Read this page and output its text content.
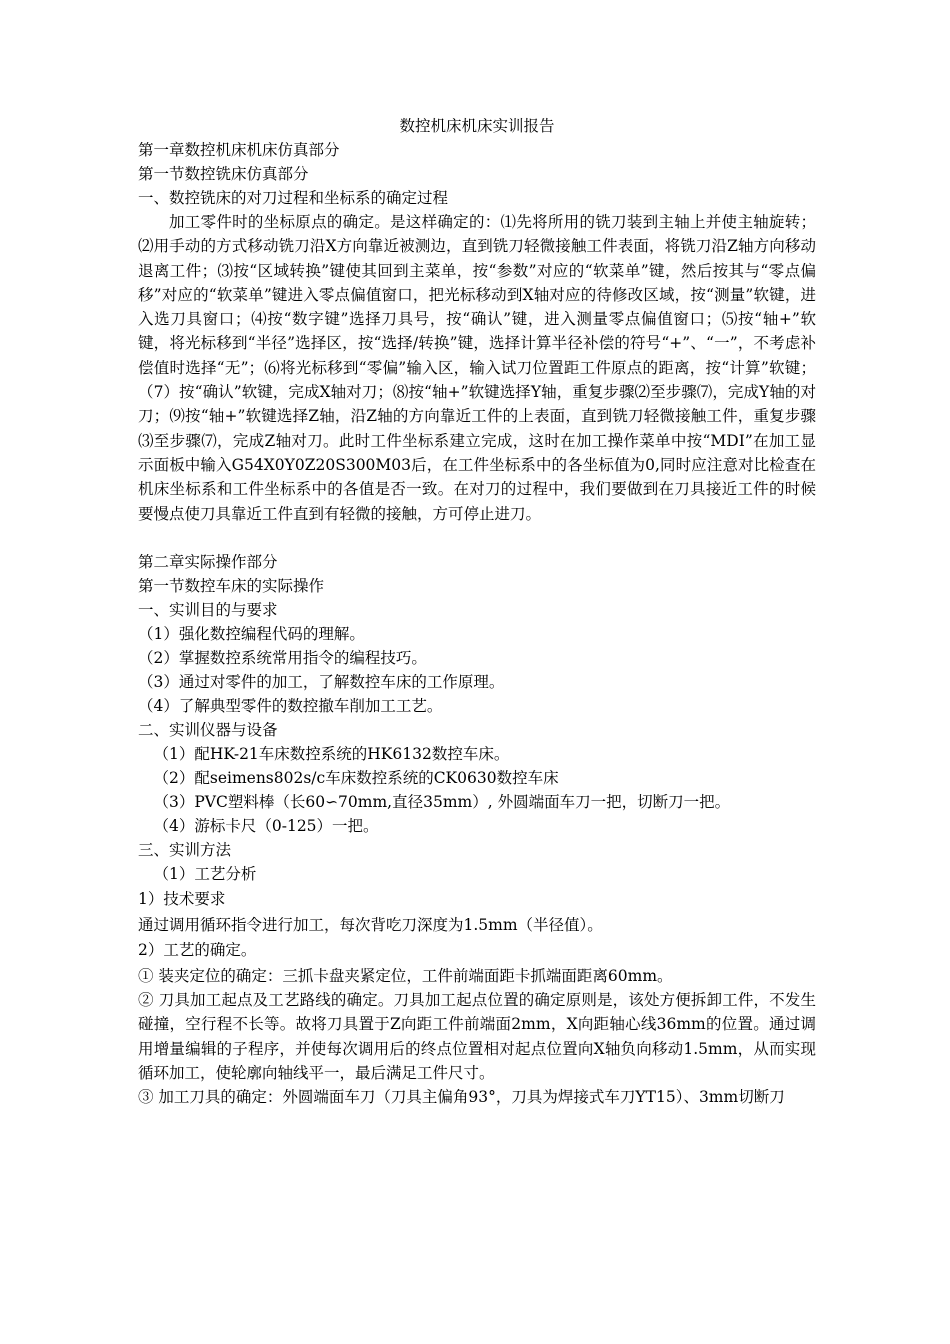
数控机床机床实训报告
第一章数控机床机床仿真部分
第一节数控铣床仿真部分
一、数控铣床的对刀过程和坐标系的确定过程

加工零件时的坐标原点的确定。是这样确定的：⑴先将所用的铣刀装到主轴上并使主轴旋转；⑵用手动的方式移动铣刀沿X方向靠近被测边，直到铣刀轻微接触工件表面，将铣刀沿Z轴方向移动退离工件；⑶按“区域转换”键使其回到主菜单，按“参数”对应的“软菜单”键，然后按其与“零点偏移”对应的“软菜单”键进入零点偏值窗口，把光标移动到X轴对应的待修改区域，按“测量”软键，进入选刀具窗口；⑷按“数字键”选择刀具号，按“确认”键，进入测量零点偏值窗口；⑸按“轴+”软键，将光标移到“半径”选择区，按“选择/转换”键，选择计算半径补偿的符号“+”、“一”，不考虑补偿值时选择“无”；⑹将光标移到“零偏”输入区，输入试刀位置距工件原点的距离，按“计算”软键；（7）按“确认”软键，完成X轴对刀；⑻按“轴+”软键选择Y轴，重复步骤⑵至步骤⑺，完成Y轴的对刀；⑼按“轴+”软键选择Z轴，沿Z轴的方向靠近工件的上表面，直到铣刀轻微接触工件，重复步骤⑶至步骤⑺，完成Z轴对刀。此时工件坐标系建立完成，这时在加工操作菜单中按“MDI”在加工显示面板中输入G54X0Y0Z20S300M03后，在工件坐标系中的各坐标值为0,同时应注意对比检查在机床坐标系和工件坐标系中的各值是否一致。在对刀的过程中，我们要做到在刀具接近工件的时候要慢点使刀具靠近工件直到有轻微的接触，方可停止进刀。

第二章实际操作部分
第一节数控车床的实际操作
一、实训目的与要求
（1）强化数控编程代码的理解。
（2）掌握数控系统常用指令的编程技巧。
（3）通过对零件的加工，了解数控车床的工作原理。
（4）了解典型零件的数控撤车削加工工艺。
二、实训仪器与设备
（1）配HK-21车床数控系统的HK6132数控车床。
（2）配seimens802s/c车床数控系统的CK0630数控车床
（3）PVC塑料棒（长60∽70mm,直径35mm）, 外圆端面车刀一把，切断刀一把。
（4）游标卡尺（0-125）一把。
三、实训方法
（1）工艺分析
1）技术要求
通过调用循环指令进行加工，每次背吃刀深度为1.5mm（半径值）。
2）工艺的确定。

① 装夹定位的确定：三抓卡盘夹紧定位，工件前端面距卡抓端面距离60mm。

② 刀具加工起点及工艺路线的确定。刀具加工起点位置的确定原则是，该处方便拆卸工件，不发生碰撞，空行程不长等。故将刀具置于Z向距工件前端面2mm，X向距轴心线36mm的位置。通过调用增量编辑的子程序，并使每次调用后的终点位置相对起点位置向X轴负向移动1.5mm，从而实现循环加工，使轮廓向轴线平一，最后满足工件尺寸。

③ 加工刀具的确定：外圆端面车刀（刀具主偏角93°，刀具为焊接式车刀YT15）、3mm切断刀
